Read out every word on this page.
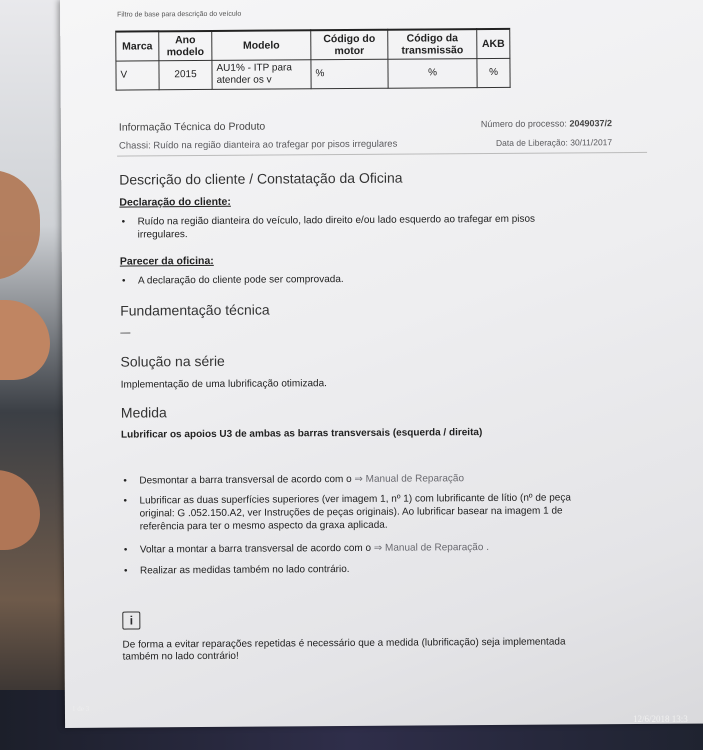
Filtro de base para descrição do veículo
Marca	Ano modelo	Modelo	Código do motor	Código da transmissão	AKB
V	2015	AU1% - ITP para atender os v	%	%	%
Informação Técnica do Produto	Número do processo: 2049037/2
Chassi: Ruído na região dianteira ao trafegar por pisos irregulares	Data de Liberação: 30/11/2017
Descrição do cliente / Constatação da Oficina
Declaração do cliente:
• Ruído na região dianteira do veículo, lado direito e/ou lado esquerdo ao trafegar em pisos
irregulares.
Parecer da oficina:
• A declaração do cliente pode ser comprovada.
Fundamentação técnica
—
Solução na série
Implementação de uma lubrificação otimizada.
Medida
Lubrificar os apoios U3 de ambas as barras transversais (esquerda / direita)
• Desmontar a barra transversal de acordo com o ⇒ Manual de Reparação
• Lubrificar as duas superfícies superiores (ver imagem 1, nº 1) com lubrificante de lítio (nº de peça
original: G .052.150.A2, ver Instruções de peças originais). Ao lubrificar basear na imagem 1 de
referência para ter o mesmo aspecto da graxa aplicada.
• Voltar a montar a barra transversal de acordo com o ⇒ Manual de Reparação .
• Realizar as medidas também no lado contrário.
i
De forma a evitar reparações repetidas é necessário que a medida (lubrificação) seja implementada
também no lado contrário!
1 de 3
12/6/2018 13:3
